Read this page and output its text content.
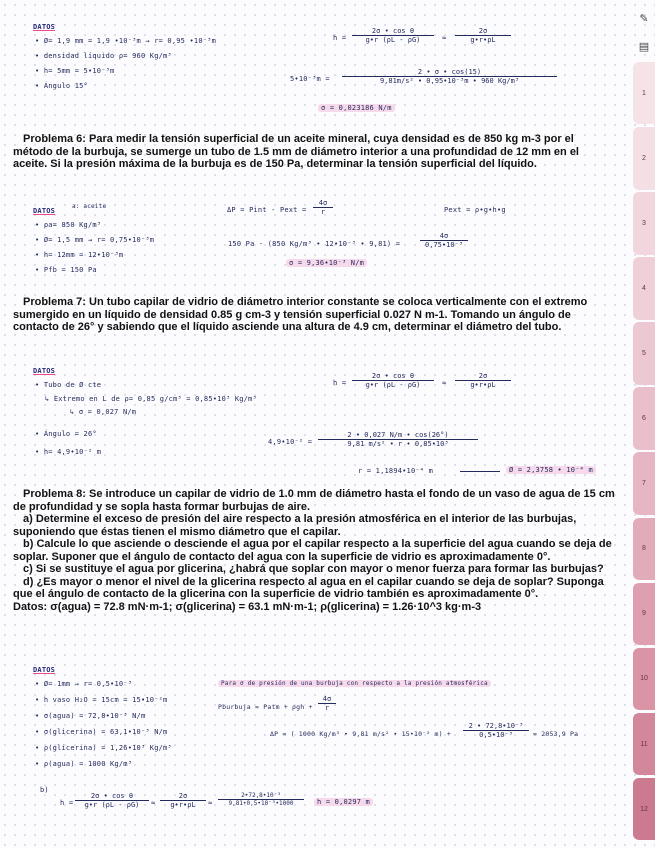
✎
▤
1
2
3
4
5
6
7
8
9
10
11
12
DATOS
• Ø= 1,9 mm = 1,9 •10⁻³m → r= 0,95 •10⁻³m
• densidad líquido ρ= 960 Kg/m³
• h= 5mm = 5•10⁻³m
• Ángulo 15°
$h = \frac{\text{2σ • cos θ}}{g•r (\rho L - \rho G)} \approx \frac{2\sigma}{g•r•\rho L}$
5•10⁻³m = $\frac{2 • \sigma • \cos(15)}{\text{9,81m/s² • 0,95•10⁻³m • 960 Kg/m³}}$
σ = 0,023186 N/m

Problema 6: Para medir la tensión superficial de un aceite mineral, cuya densidad es de 850 kg m-3 por el método de la burbuja, se sumerge un tubo de 1.5 mm de diámetro interior a una profundidad de 12 mm en el aceite. Si la presión máxima de la burbuja es de 150 Pa, determinar la tensión superficial del líquido.

DATOS
a: aceite
• ρa= 850 Kg/m³
• Ø= 1,5 mm → r= 0,75•10⁻³m
• h= 12mm = 12•10⁻³m
• Pfb = 150 Pa
ΔP = Pint - Pext = $\frac{4\sigma}{r}$	Pext = ρ•g•h•g
150 Pa - (850 Kg/m³ • 12•10⁻³ • 9,81) =	$\frac{4\sigma}{\text{0,75•10⁻³}}$
σ = 9,36•10⁻³ N/m

Problema 7: Un tubo capilar de vidrio de diámetro interior constante se coloca verticalmente con el extremo sumergido en un líquido de densidad 0.85 g cm-3 y tensión superficial 0.027 N m-1. Tomando un ángulo de contacto de 26° y sabiendo que el líquido asciende una altura de 4.9 cm, determinar el diámetro del tubo.

DATOS
• Tubo de Ø cte
↳ Extremo en L de ρ= 0,85 g/cm³ = 0,85•10³ Kg/m³
↳ σ = 0,027 N/m
• Ángulo = 26°
• h= 4,9•10⁻² m
$h = \frac{\text{2σ • cos θ}}{g•r (\rho L - \rho G)} \approx \frac{2\sigma}{g•r•\rho L}$
4,9•10⁻² = $\frac{2 • 0,027 N/m • \cos(26^\circ)}{\text{9,81 m/s² • r • 0,85•10³}}$
r = 1,1894•10⁻⁴ m	Ø = 2,3758 • 10⁻⁴ m

Problema 8: Se introduce un capilar de vidrio de 1.0 mm de diámetro hasta el fondo de un vaso de agua de 15 cm de profundidad y se sopla hasta formar burbujas de aire.

a) Determine el exceso de presión del aire respecto a la presión atmosférica en el interior de las burbujas, suponiendo que éstas tienen el mismo diámetro que el capilar.

b) Calcule lo que asciende o desciende el agua por el capilar respecto a la superficie del agua cuando se deja de soplar. Suponer que el ángulo de contacto del agua con la superficie de vidrio es aproximadamente 0°.

c) Si se sustituye el agua por glicerina, ¿habrá que soplar con mayor o menor fuerza para formar las burbujas?

d) ¿Es mayor o menor el nivel de la glicerina respecto al agua en el capilar cuando se deja de soplar? Suponga que el ángulo de contacto de la glicerina con la superficie de vidrio también es aproximadamente 0°.

Datos: σ(agua) = 72.8 mN·m-1; σ(glicerina) = 63.1 mN·m-1; ρ(glicerina) = 1.26·10^3 kg·m-3

DATOS
• Ø= 1mm → r= 0,5•10⁻³
• h vaso H₂O = 15cm = 15•10⁻²m
• σ(agua) = 72,8•10⁻³ N/m
• σ(glicerina) = 63,1•10⁻³ N/m
• ρ(glicerina) = 1,26•10³ Kg/m³
• ρ(agua) = 1000 Kg/m³
Para σ de presión de una burbuja con respecto a la presión atmosférica
Pburbuja = Patm + $\rho gh + \frac{4\sigma}{r}$
ΔP = ( 1000 Kg/m³ • 9,81 m/s² • 15•10⁻² $m) + \frac{\text{2 • 72,8•10⁻³}}{\text{0,5•10⁻³}} = 2053,9$ Pa
b)
$h = \frac{\text{2σ • cos θ}}{g•r (\rho L - \rho G)} \approx \frac{2\sigma}{g•r•\rho L} \approx \frac{\text{2•72,8•10⁻³}}{\text{9,81•0,5•10⁻³•1000}}$	h = 0,0297 m
